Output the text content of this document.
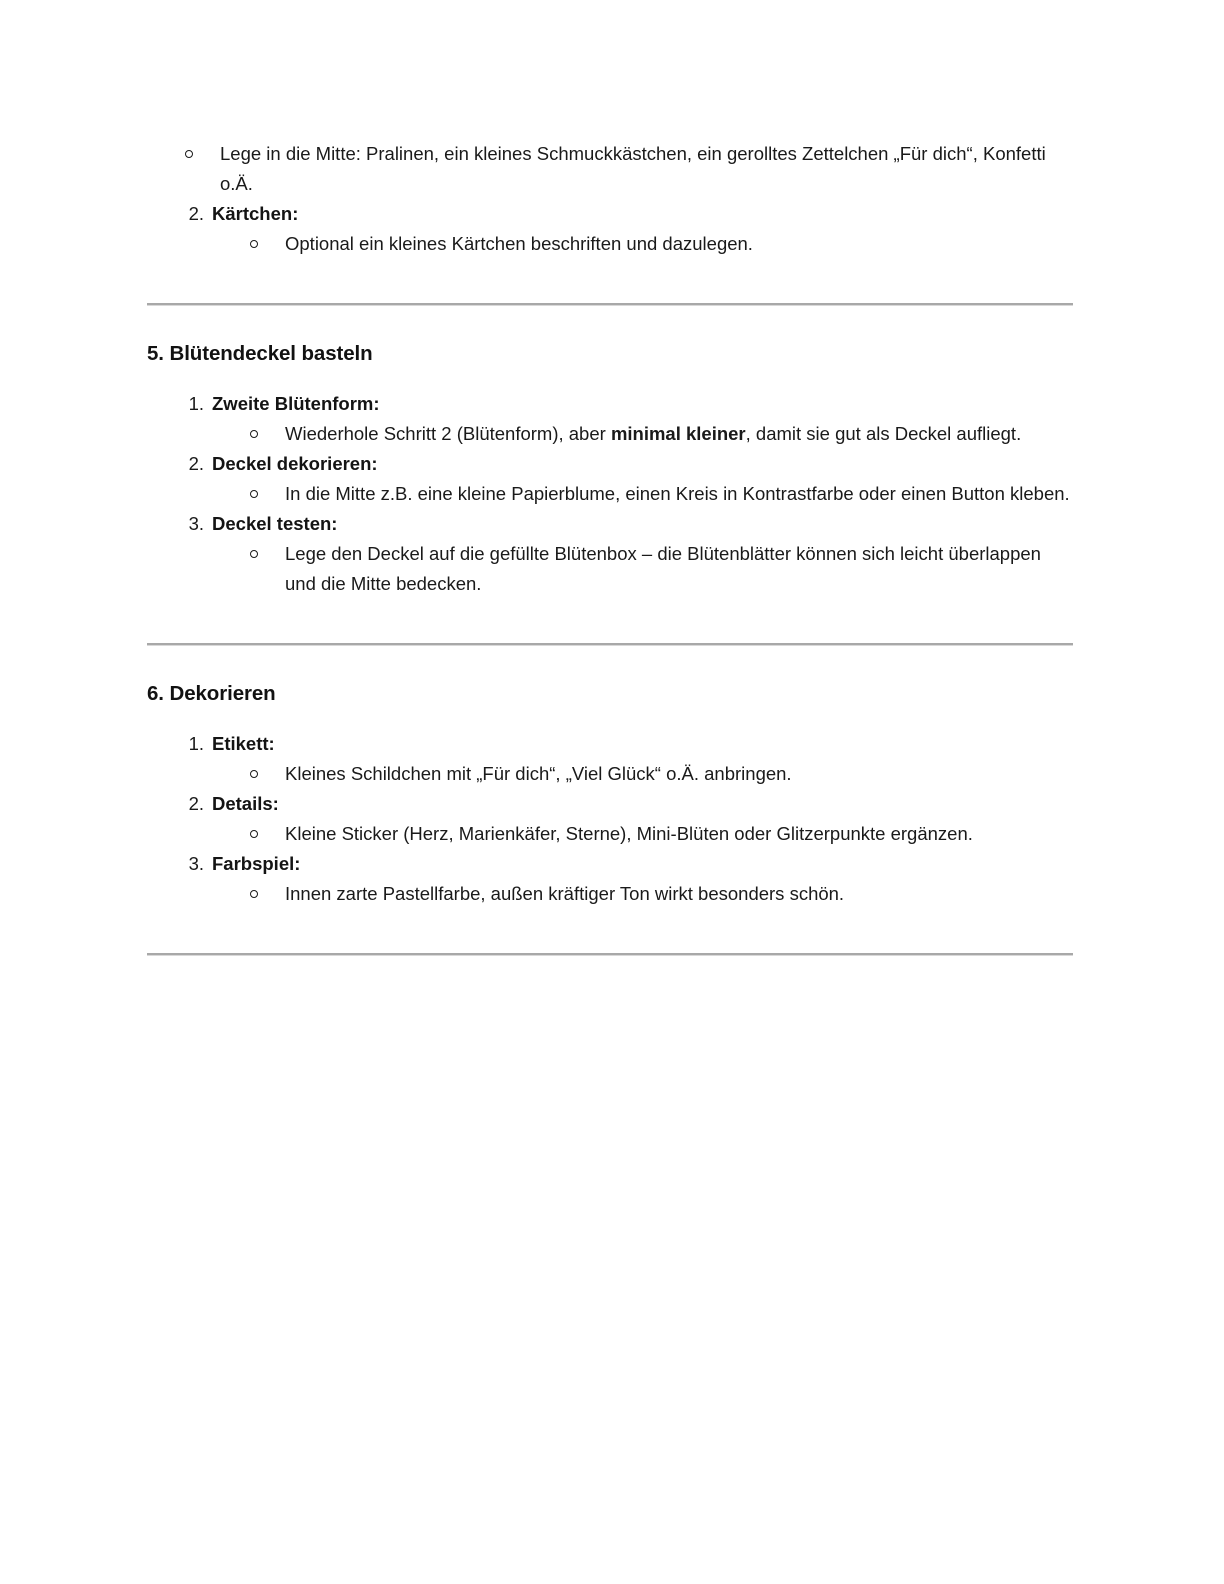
Lege in die Mitte: Pralinen, ein kleines Schmuckkästchen, ein gerolltes Zettelchen „Für dich“, Konfetti o.Ä.
2. Kärtchen:
Optional ein kleines Kärtchen beschriften und dazulegen.
5. Blütendeckel basteln
1. Zweite Blütenform:
Wiederhole Schritt 2 (Blütenform), aber minimal kleiner, damit sie gut als Deckel aufliegt.
2. Deckel dekorieren:
In die Mitte z.B. eine kleine Papierblume, einen Kreis in Kontrastfarbe oder einen Button kleben.
3. Deckel testen:
Lege den Deckel auf die gefüllte Blütenbox – die Blütenblätter können sich leicht überlappen und die Mitte bedecken.
6. Dekorieren
1. Etikett:
Kleines Schildchen mit „Für dich“, „Viel Glück“ o.Ä. anbringen.
2. Details:
Kleine Sticker (Herz, Marienkäfer, Sterne), Mini-Blüten oder Glitzerpunkte ergänzen.
3. Farbspiel:
Innen zarte Pastellfarbe, außen kräftiger Ton wirkt besonders schön.
